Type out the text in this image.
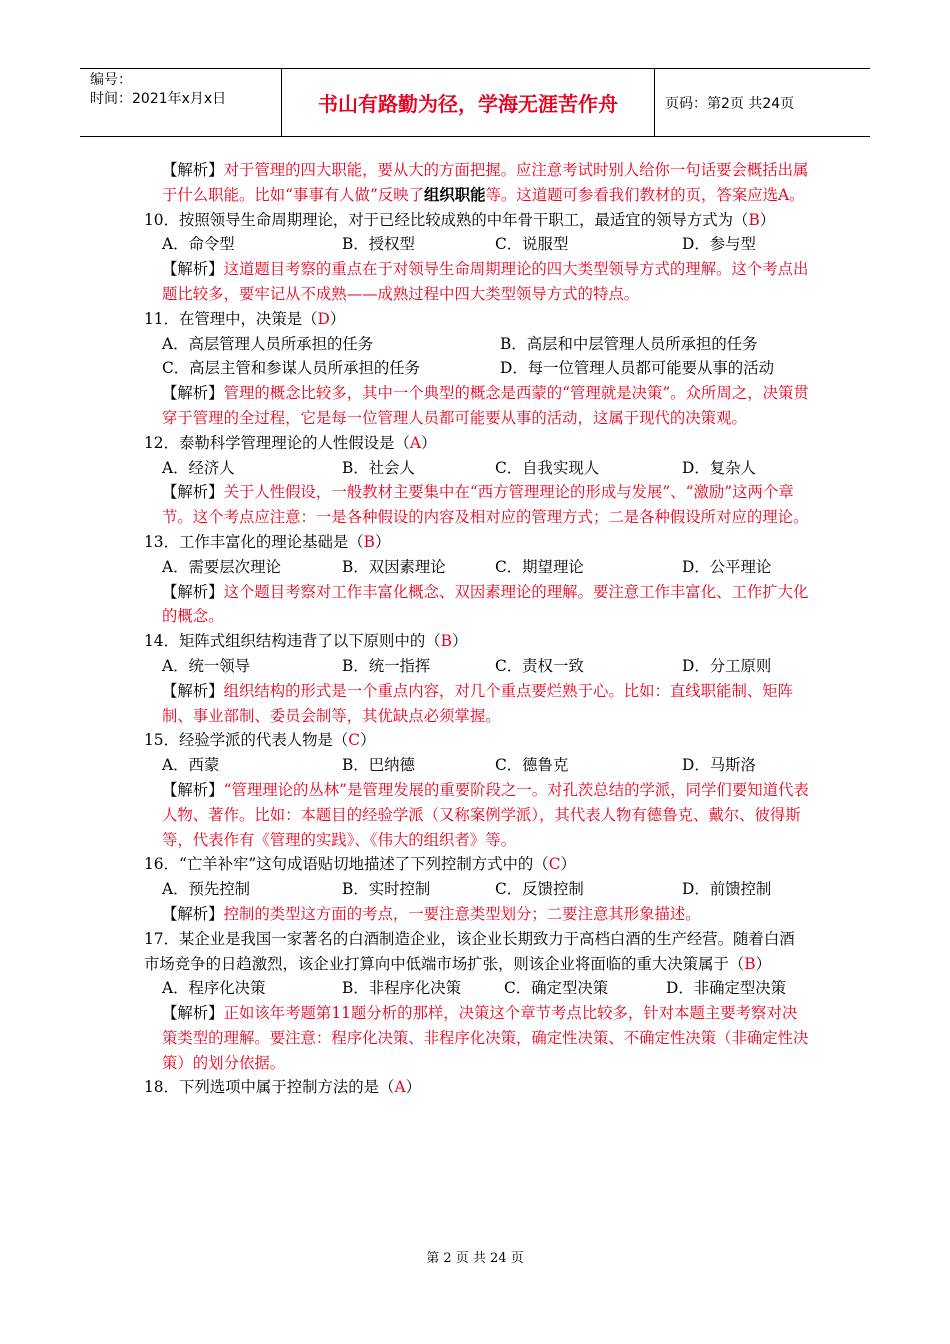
编号：
时间：2021年x月x日	书山有路勤为径，学海无涯苦作舟	页码：第2页 共24页

【解析】对于管理的四大职能，要从大的方面把握。应注意考试时别人给你一句话要会概括出属于什么职能。比如“事事有人做”反映了组织职能等。这道题可参看我们教材的页，答案应选A。

10．按照领导生命周期理论，对于已经比较成熟的中年骨干职工，最适宜的领导方式为（B）

A．命令型	B．授权型	C．说服型	D．参与型

【解析】这道题目考察的重点在于对领导生命周期理论的四大类型领导方式的理解。这个考点出题比较多，要牢记从不成熟——成熟过程中四大类型领导方式的特点。

11．在管理中，决策是（D）

A．高层管理人员所承担的任务	B．高层和中层管理人员所承担的任务
C．高层主管和参谋人员所承担的任务	D．每一位管理人员都可能要从事的活动

【解析】管理的概念比较多，其中一个典型的概念是西蒙的“管理就是决策”。众所周之，决策贯穿于管理的全过程，它是每一位管理人员都可能要从事的活动，这属于现代的决策观。

12．泰勒科学管理理论的人性假设是（A）

A．经济人	B．社会人	C．自我实现人	D．复杂人

【解析】关于人性假设，一般教材主要集中在“西方管理理论的形成与发展”、“激励”这两个章节。这个考点应注意：一是各种假设的内容及相对应的管理方式；二是各种假设所对应的理论。

13．工作丰富化的理论基础是（B）

A．需要层次理论	B．双因素理论	C．期望理论	D．公平理论

【解析】这个题目考察对工作丰富化概念、双因素理论的理解。要注意工作丰富化、工作扩大化的概念。

14．矩阵式组织结构违背了以下原则中的（B）

A．统一领导	B．统一指挥	C．责权一致	D．分工原则

【解析】组织结构的形式是一个重点内容，对几个重点要烂熟于心。比如：直线职能制、矩阵制、事业部制、委员会制等，其优缺点必须掌握。

15．经验学派的代表人物是（C）

A．西蒙	B．巴纳德	C．德鲁克	D．马斯洛

【解析】“管理理论的丛林”是管理发展的重要阶段之一。对孔茨总结的学派，同学们要知道代表人物、著作。比如：本题目的经验学派（又称案例学派），其代表人物有德鲁克、戴尔、彼得斯等，代表作有《管理的实践》、《伟大的组织者》等。

16．“亡羊补牢”这句成语贴切地描述了下列控制方式中的（C）

A．预先控制	B．实时控制	C．反馈控制	D．前馈控制

【解析】控制的类型这方面的考点，一要注意类型划分；二要注意其形象描述。

17．某企业是我国一家著名的白酒制造企业，该企业长期致力于高档白酒的生产经营。随着白酒市场竞争的日趋激烈，该企业打算向中低端市场扩张，则该企业将面临的重大决策属于（B）

A．程序化决策	B．非程序化决策	C．确定型决策	D．非确定型决策

【解析】正如该年考题第11题分析的那样，决策这个章节考点比较多，针对本题主要考察对决策类型的理解。要注意：程序化决策、非程序化决策，确定性决策、不确定性决策（非确定性决策）的划分依据。

18．下列选项中属于控制方法的是（A）

第 2 页 共 24 页
